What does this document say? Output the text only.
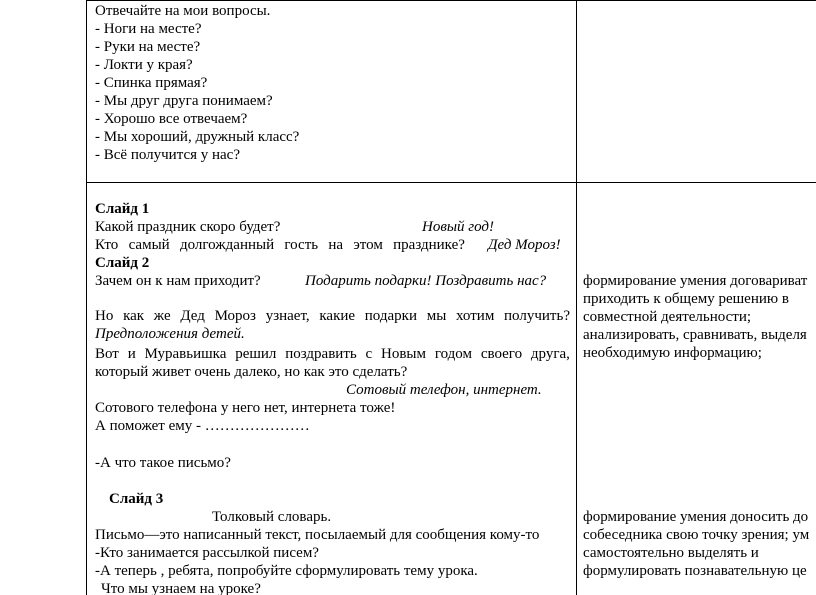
Отвечайте на мои вопросы.
- Ноги на месте?
- Руки на месте?
- Локти у края?
- Спинка прямая?
- Мы друг друга понимаем?
- Хорошо все отвечаем?
- Мы хороший, дружный класс?
- Всё получится у нас?
Слайд 1
Какой праздник скоро будет?	Новый год!
Кто самый долгожданный гость на этом празднике? Дед Мороз!
Слайд 2
Зачем он к нам приходит?	Подарить подарки! Поздравить нас?
Но как же Дед Мороз узнает, какие подарки мы хотим получить?
Предположения детей.
Вот и Муравьишка решил поздравить с Новым годом своего друга,
который живет очень далеко, но как это сделать?
Сотовый телефон, интернет.
Сотового телефона у него нет, интернета тоже!
А поможет ему - …………………
-А что такое письмо?
Слайд 3
Толковый словарь.
Письмо—это написанный текст, посылаемый для сообщения кому-то
-Кто занимается рассылкой писем?
-А теперь , ребята, попробуйте сформулировать тему урока.
Что мы узнаем на уроке?
формирование умения договариват
приходить к общему решению в
совместной деятельности;
анализировать, сравнивать, выделя
необходимую информацию;
формирование умения доносить до
собеседника свою точку зрения; ум
самостоятельно выделять и
формулировать познавательную це
